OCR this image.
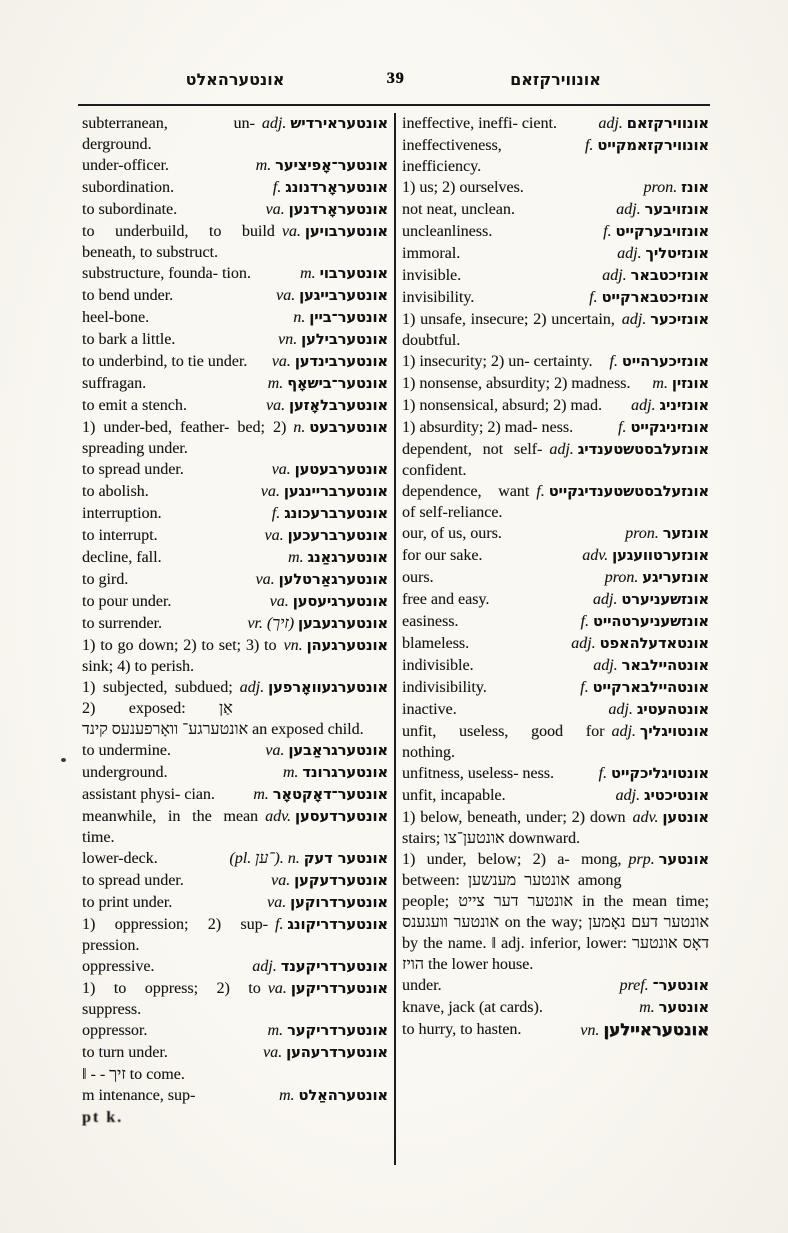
אונטערהאלט	39	אונווירקזאם
adj. אונטעראירדיש
subterranean, un- derground.
m. אונטער־אָפיציער
under-officer.
f. אונטעראָרדנונג
subordination.
va. אונטעראָרדנען
to subordinate.
va. אונטערבויען
to underbuild, to build beneath, to substruct.
m. אונטערבוי
substructure, founda- tion.
va. אונטערבייגען
to bend under.
n. אונטער־ביין
heel-bone.
vn. אונטערבילען
to bark a little.
va. אונטערבינדען
to underbind, to tie under.
m. אונטער־בישאָף
suffragan.
va. אונטערבלאָזען
to emit a stench.
n. אונטערבעט
1) under-bed, feather- bed; 2) spreading under.
va. אונטערבעטען
to spread under.
va. אונטערבריינגען
to abolish.
f. אונטערברעכונג
interruption.
va. אונטערברעכען
to interrupt.
m. אונטערגאַנג
decline, fall.
va. אונטערגאַרטלען
to gird.
va. אונטערגיעסען
to pour under.
vr. (זיך) אונטערגעבען
to surrender.
vn. אונטערגעהן
1) to go down; 2) to set; 3) to sink; 4) to perish.
adj. אונטערגעוואָרפען
1) subjected, subdued; 2) exposed: אַן אונטערגע־ וואָרפענעס קינד an exposed child.
va. אונטערגראַבען
to undermine.
m. אונטערגרונד
underground.
m. אונטער־דאָקטאָר
assistant physi- cian.
adv. אונטערדעסען
meanwhile, in the mean time.
(pl. ־ען). n. אונטער דעק
lower-deck.
va. אונטערדעקען
to spread under.
va. אונטערדרוקען
to print under.
f. אונטערדריקונג
1) oppression; 2) sup- pression.
adj. אונטערדריקענד
oppressive.
va. אונטערדריקען
1) to oppress; 2) to suppress.
m. אונטערדריקער
oppressor.
va. אונטערדרעהען
to turn under.
‖ - - זיך to come.
m. אונטערהאַלט
m intenance, sup-
pt k.
adj. אונווירקזאם
ineffective, ineffi- cient.
f. אונווירקזאמקייט
ineffectiveness, inefficiency.
pron. אונז
1) us; 2) ourselves.
adj. אונזויבער
not neat, unclean.
f. אונזויבערקייט
uncleanliness.
adj. אונזיטליך
immoral.
adj. אונזיכטבאר
invisible.
f. אונזיכטבארקייט
invisibility.
adj. אונזיכער
1) unsafe, insecure; 2) uncertain, doubtful.
f. אונזיכערהייט
1) insecurity; 2) un- certainty.
m. אונזין
1) nonsense, absurdity; 2) madness.
adj. אונזיניג
1) nonsensical, absurd; 2) mad.
f. אונזיניגקייט
1) absurdity; 2) mad- ness.
adj. אונזעלבסטשטענדיג
dependent, not self-confident.
f. אונזעלבסטשטענדיגקייט
dependence, want of self-reliance.
pron. אונזער
our, of us, ours.
adv. אונזערטוועגען
for our sake.
pron. אונזעריגע
ours.
adj. אונזשעניערט
free and easy.
f. אונזשעניערטהייט
easiness.
adj. אונטאדעלהאפט
blameless.
adj. אונטהיילבאר
indivisible.
f. אונטהיילבארקייט
indivisibility.
adj. אונטהעטיג
inactive.
adj. אונטויגליך
unfit, useless, good for nothing.
f. אונטויגליכקייט
unfitness, useless- ness.
adj. אונטיכטיג
unfit, incapable.
adv. אונטען
1) below, beneath, under; 2) down stairs; אונטען־צו downward.
prp. אונטער
1) under, below; 2) a- mong, between: אונטער מענשען among people; אונטער דער צייט in the mean time; אונטער וועגענס on the way; אונטער דעם נאָמען by the name. ‖ adj. inferior, lower: דאָס אונטער הויז the lower house.
pref. אונטער־
under.
m. אונטער
knave, jack (at cards).
vn. אונטעראיילען
to hurry, to hasten.
